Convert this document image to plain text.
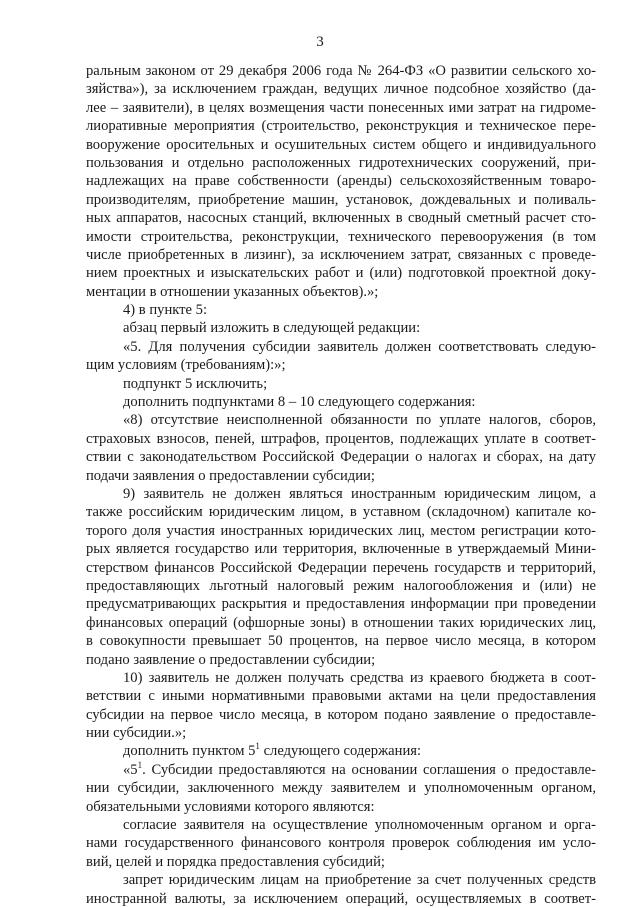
3
ральным законом от 29 декабря 2006 года № 264-ФЗ «О развитии сельского хо-
зяйства»), за исключением граждан, ведущих личное подсобное хозяйство (да-
лее – заявители), в целях возмещения части понесенных ими затрат на гидроме-
лиоративные мероприятия (строительство, реконструкция и техническое пере-
вооружение оросительных и осушительных систем общего и индивидуального
пользования и отдельно расположенных гидротехнических сооружений, при-
надлежащих на праве собственности (аренды) сельскохозяйственным товаро-
производителям, приобретение машин, установок, дождевальных и поливаль-
ных аппаратов, насосных станций, включенных в сводный сметный расчет сто-
имости строительства, реконструкции, технического перевооружения (в том
числе приобретенных в лизинг), за исключением затрат, связанных с проведе-
нием проектных и изыскательских работ и (или) подготовкой проектной доку-
ментации в отношении указанных объектов).»;
4) в пункте 5:
абзац первый изложить в следующей редакции:
«5. Для получения субсидии заявитель должен соответствовать следую-
щим условиям (требованиям):»;
подпункт 5 исключить;
дополнить подпунктами 8 – 10 следующего содержания:
«8) отсутствие неисполненной обязанности по уплате налогов, сборов,
страховых взносов, пеней, штрафов, процентов, подлежащих уплате в соответ-
ствии с законодательством Российской Федерации о налогах и сборах, на дату
подачи заявления о предоставлении субсидии;
9) заявитель не должен являться иностранным юридическим лицом, а
также российским юридическим лицом, в уставном (складочном) капитале ко-
торого доля участия иностранных юридических лиц, местом регистрации кото-
рых является государство или территория, включенные в утверждаемый Мини-
стерством финансов Российской Федерации перечень государств и территорий,
предоставляющих льготный налоговый режим налогообложения и (или) не
предусматривающих раскрытия и предоставления информации при проведении
финансовых операций (офшорные зоны) в отношении таких юридических лиц,
в совокупности превышает 50 процентов, на первое число месяца, в котором
подано заявление о предоставлении субсидии;
10) заявитель не должен получать средства из краевого бюджета в соот-
ветствии с иными нормативными правовыми актами на цели предоставления
субсидии на первое число месяца, в котором подано заявление о предоставле-
нии субсидии.»;
дополнить пунктом $5^1$ следующего содержания:
«$5^1$. Субсидии предоставляются на основании соглашения о предоставле-
нии субсидии, заключенного между заявителем и уполномоченным органом,
обязательными условиями которого являются:
согласие заявителя на осуществление уполномоченным органом и орга-
нами государственного финансового контроля проверок соблюдения им усло-
вий, целей и порядка предоставления субсидий;
запрет юридическим лицам на приобретение за счет полученных средств
иностранной валюты, за исключением операций, осуществляемых в соответ-
